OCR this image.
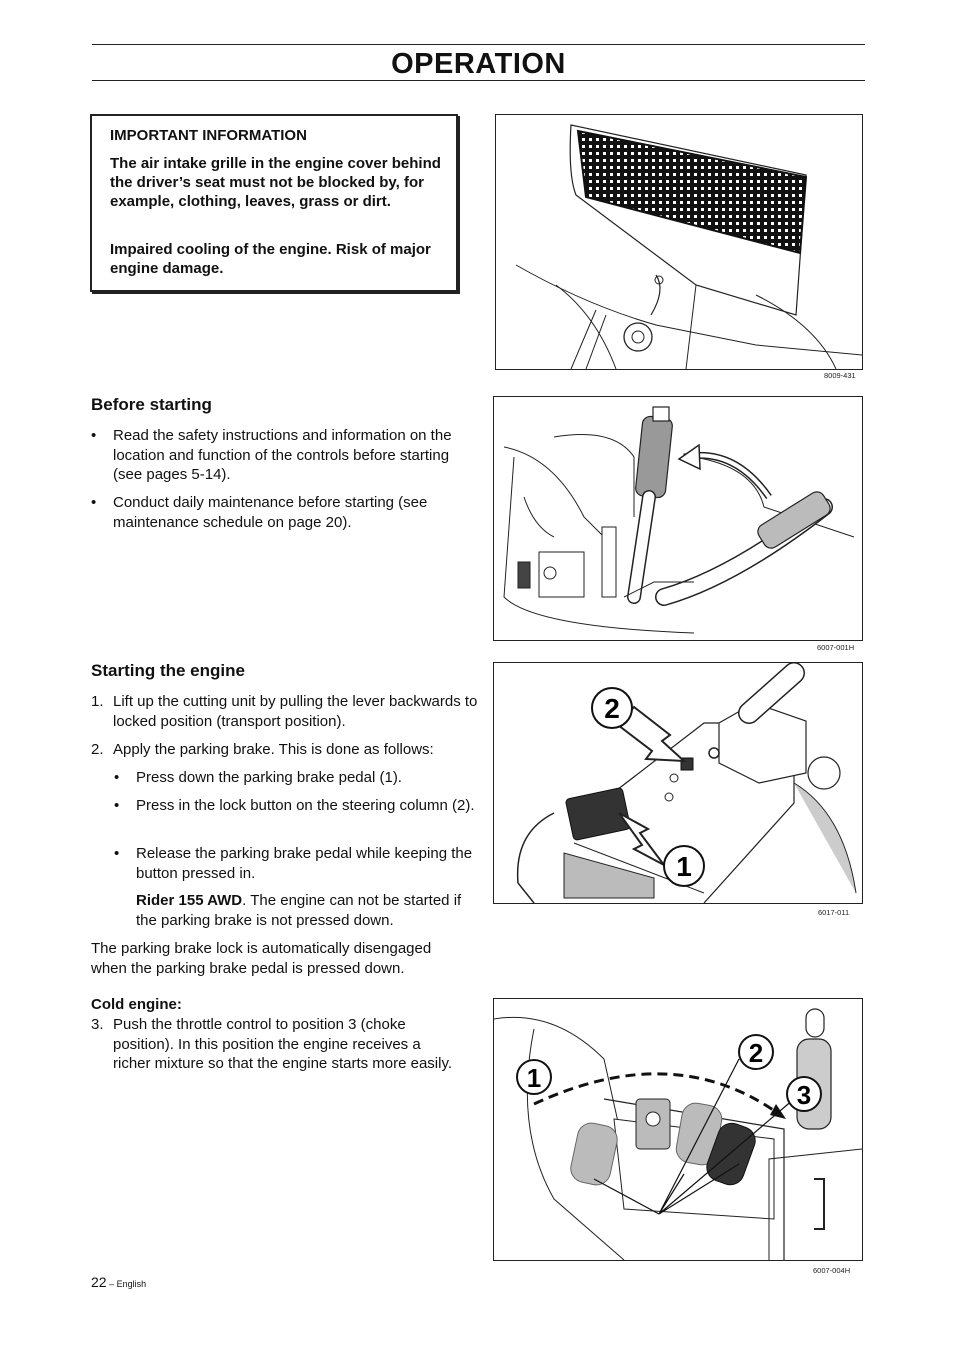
OPERATION

IMPORTANT INFORMATION

The air intake grille in the engine cover behind the driver’s seat must not be blocked by, for example, clothing, leaves, grass or dirt.

Impaired cooling of the engine. Risk of major engine damage.

8009-431
Before starting
• Read the safety instructions and information on the location and function of the controls before starting (see pages 5-14).
• Conduct daily maintenance before starting (see maintenance schedule on page 20).
6007-001H
Starting the engine
1. Lift up the cutting unit by pulling the lever backwards to locked position (transport position).
2. Apply the parking brake. This is done as follows:
• Press down the parking brake pedal (1).
• Press in the lock button on the steering column (2).
• Release the parking brake pedal while keeping the button pressed in.
Rider 155 AWD. The engine can not be started if the parking brake is not pressed down.
The parking brake lock is automatically disengaged when the parking brake pedal is pressed down.
Cold engine:
3. Push the throttle control to position 3 (choke position). In this position the engine receives a richer mixture so that the engine starts more easily.
2
1
6017-011
1
2
3
6007-004H
22 – English
